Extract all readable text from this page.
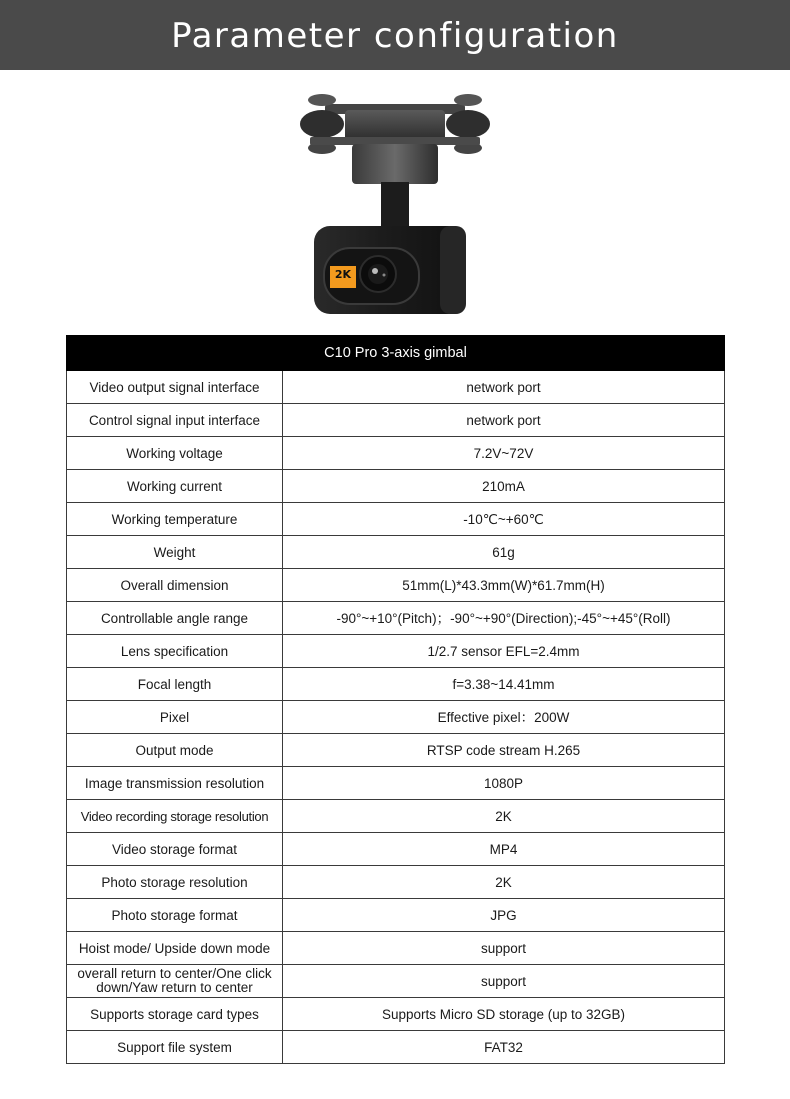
Parameter configuration
2K
C10 Pro 3-axis gimbal	
Video output signal interface	network port
Control signal input interface	network port
Working voltage	7.2V~72V
Working current	210mA
Working temperature	-10℃~+60℃
Weight	61g
Overall dimension	51mm(L)*43.3mm(W)*61.7mm(H)
Controllable angle range	-90°~+10°(Pitch)；-90°~+90°(Direction);-45°~+45°(Roll)
Lens specification	1/2.7 sensor EFL=2.4mm
Focal length	f=3.38~14.41mm
Pixel	Effective pixel：200W
Output mode	RTSP code stream H.265
Image transmission resolution	1080P
Video recording storage resolution	2K
Video storage format	MP4
Photo storage resolution	2K
Photo storage format	JPG
Hoist mode/ Upside down mode	support
overall return to center/One click down/Yaw return to center	support
Supports storage card types	Supports Micro SD storage (up to 32GB)
Support file system	FAT32
